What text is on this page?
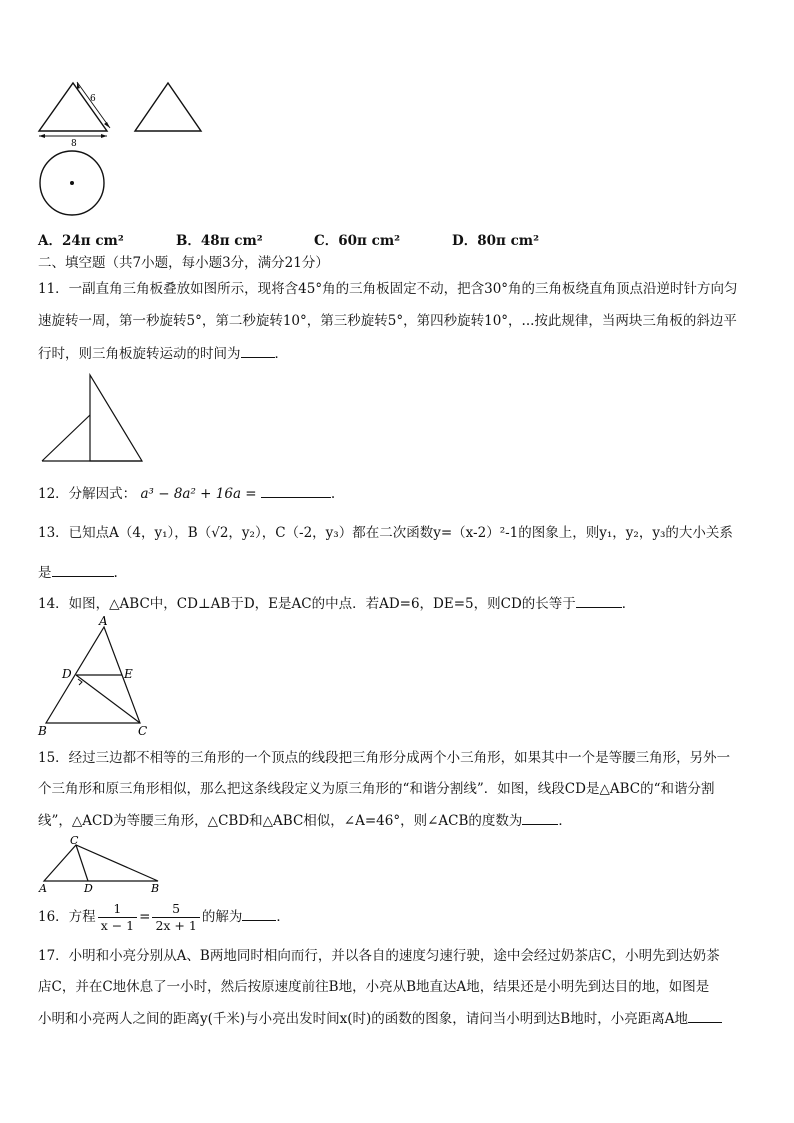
6
8
A．24π cm²	B．48π cm²	C．60π cm²	D．80π cm²
二、填空题（共7小题，每小题3分，满分21分）
11．一副直角三角板叠放如图所示，现将含45°角的三角板固定不动，把含30°角的三角板绕直角顶点沿逆时针方向匀
速旋转一周，第一秒旋转5°，第二秒旋转10°，第三秒旋转5°，第四秒旋转10°，...按此规律，当两块三角板的斜边平
行时，则三角板旋转运动的时间为	．
12．分解因式： a³ − 8a² + 16a =	.
13．已知点A（4，y₁），B（√2，y₂），C（-2，y₃）都在二次函数y=（x-2）²-1的图象上，则y₁，y₂，y₃的大小关系
是	.
14．如图，△ABC中，CD⊥AB于D，E是AC的中点．若AD=6，DE=5，则CD的长等于	．
A
D	E
B	C
15．经过三边都不相等的三角形的一个顶点的线段把三角形分成两个小三角形，如果其中一个是等腰三角形，另外一
个三角形和原三角形相似，那么把这条线段定义为原三角形的“和谐分割线”．如图，线段CD是△ABC的“和谐分割
线”，△ACD为等腰三角形，△CBD和△ABC相似，∠A=46°，则∠ACB的度数为	．
C
A	D	B
16．方程 $\frac{1}{x - 1} = \frac{5}{2x + 1}$ 的解为	．
17．小明和小亮分别从A、B两地同时相向而行，并以各自的速度匀速行驶，途中会经过奶茶店C，小明先到达奶茶
店C，并在C地休息了一小时，然后按原速度前往B地，小亮从B地直达A地，结果还是小明先到达目的地，如图是
小明和小亮两人之间的距离y(千米)与小亮出发时间x(时)的函数的图象，请问当小明到达B地时，小亮距离A地
